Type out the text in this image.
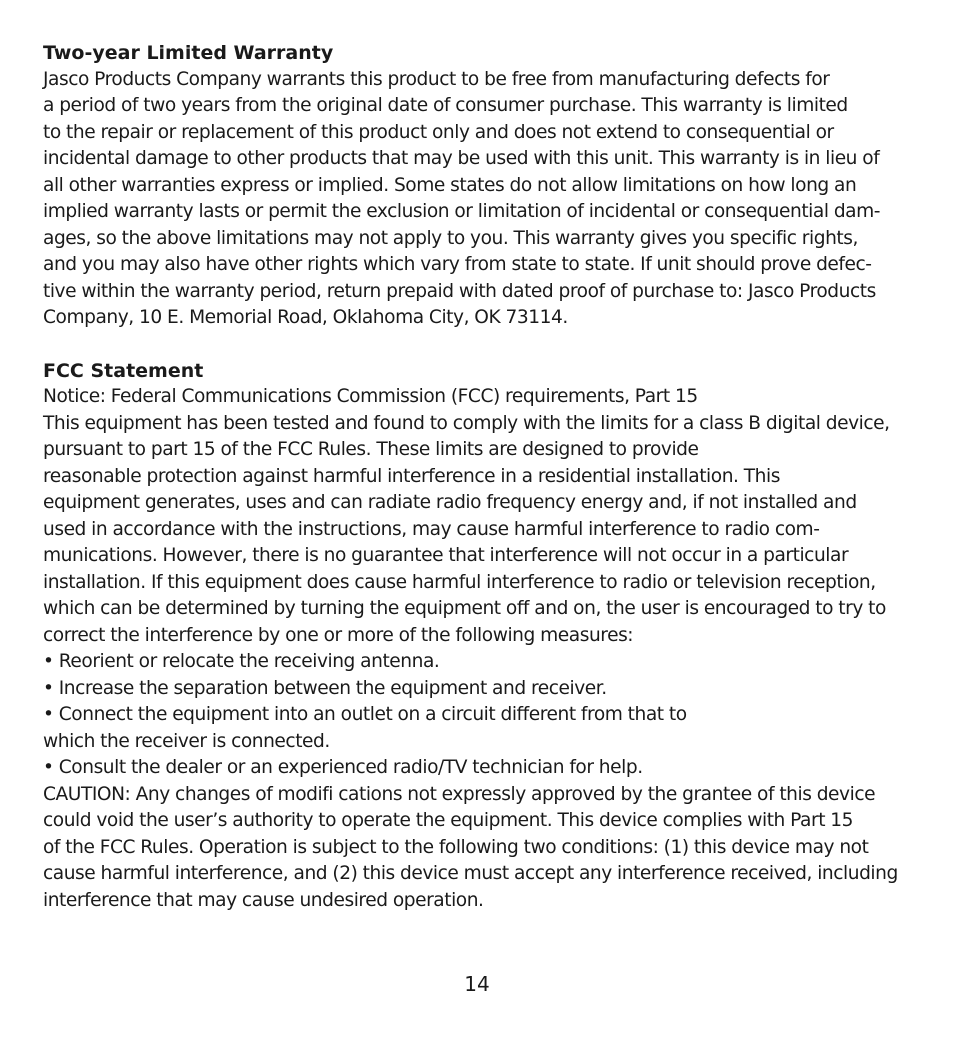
Two-year Limited Warranty
Jasco Products Company warrants this product to be free from manufacturing defects for
a period of two years from the original date of consumer purchase. This warranty is limited
to the repair or replacement of this product only and does not extend to consequential or
incidental damage to other products that may be used with this unit. This warranty is in lieu of
all other warranties express or implied. Some states do not allow limitations on how long an
implied warranty lasts or permit the exclusion or limitation of incidental or consequential dam-
ages, so the above limitations may not apply to you. This warranty gives you specific rights,
and you may also have other rights which vary from state to state. If unit should prove defec-
tive within the warranty period, return prepaid with dated proof of purchase to: Jasco Products
Company, 10 E. Memorial Road, Oklahoma City, OK 73114.
FCC Statement
Notice: Federal Communications Commission (FCC) requirements, Part 15
This equipment has been tested and found to comply with the limits for a class B digital device,
pursuant to part 15 of the FCC Rules. These limits are designed to provide
reasonable protection against harmful interference in a residential installation. This
equipment generates, uses and can radiate radio frequency energy and, if not installed and
used in accordance with the instructions, may cause harmful interference to radio com-
munications. However, there is no guarantee that interference will not occur in a particular
installation. If this equipment does cause harmful interference to radio or television reception,
which can be determined by turning the equipment off and on, the user is encouraged to try to
correct the interference by one or more of the following measures:
• Reorient or relocate the receiving antenna.
• Increase the separation between the equipment and receiver.
• Connect the equipment into an outlet on a circuit different from that to
which the receiver is connected.
• Consult the dealer or an experienced radio/TV technician for help.
CAUTION: Any changes of modifi cations not expressly approved by the grantee of this device
could void the user’s authority to operate the equipment. This device complies with Part 15
of the FCC Rules. Operation is subject to the following two conditions: (1) this device may not
cause harmful interference, and (2) this device must accept any interference received, including
interference that may cause undesired operation.
14
